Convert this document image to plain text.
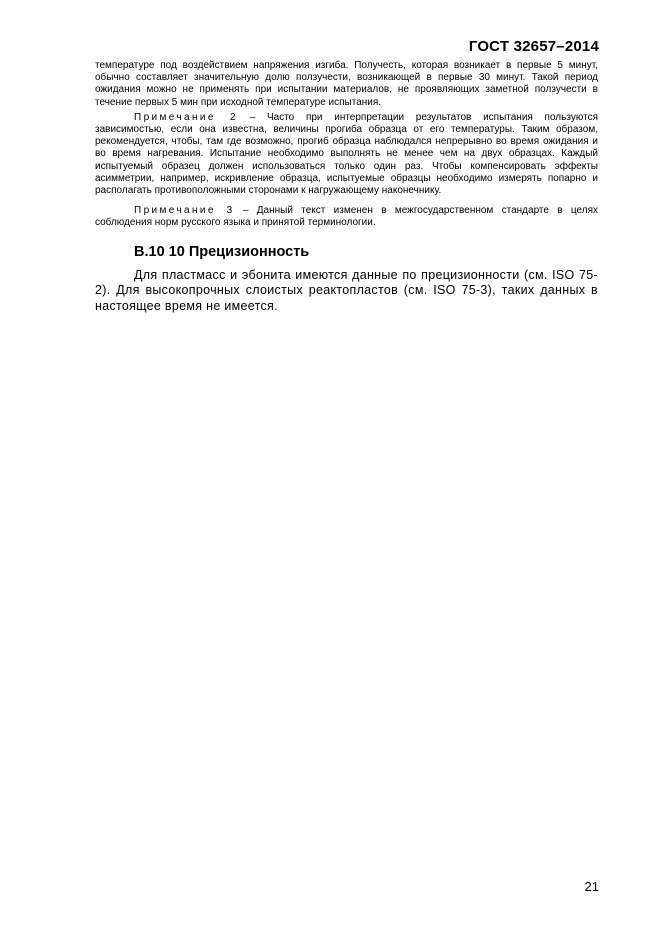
ГОСТ 32657–2014

температуре под воздействием напряжения изгиба. Получесть, которая возникает в первые 5 минут, обычно составляет значительную долю ползучести, возникающей в первые 30 минут. Такой период ожидания можно не применять при испытании материалов, не проявляющих заметной ползучести в течение первых 5 мин при исходной температуре испытания.

Примечание 2 – Часто при интерпретации результатов испытания пользуются зависимостью, если она известна, величины прогиба образца от его температуры. Таким образом, рекомендуется, чтобы, там где возможно, прогиб образца наблюдался непрерывно во время ожидания и во время нагревания. Испытание необходимо выполнять не менее чем на двух образцах. Каждый испытуемый образец должен использоваться только один раз. Чтобы компенсировать эффекты асимметрии, например, искривление образца, испытуемые образцы необходимо измерять попарно и располагать противоположными сторонами к нагружающему наконечнику.

Примечание 3 – Данный текст изменен в межгосударственном стандарте в целях соблюдения норм русского языка и принятой терминологии.

В.10 10 Прецизионность

Для пластмасс и эбонита имеются данные по прецизионности (см. ISO 75-2). Для высокопрочных слоистых реактопластов (см. ISO 75-3), таких данных в настоящее время не имеется.

21
